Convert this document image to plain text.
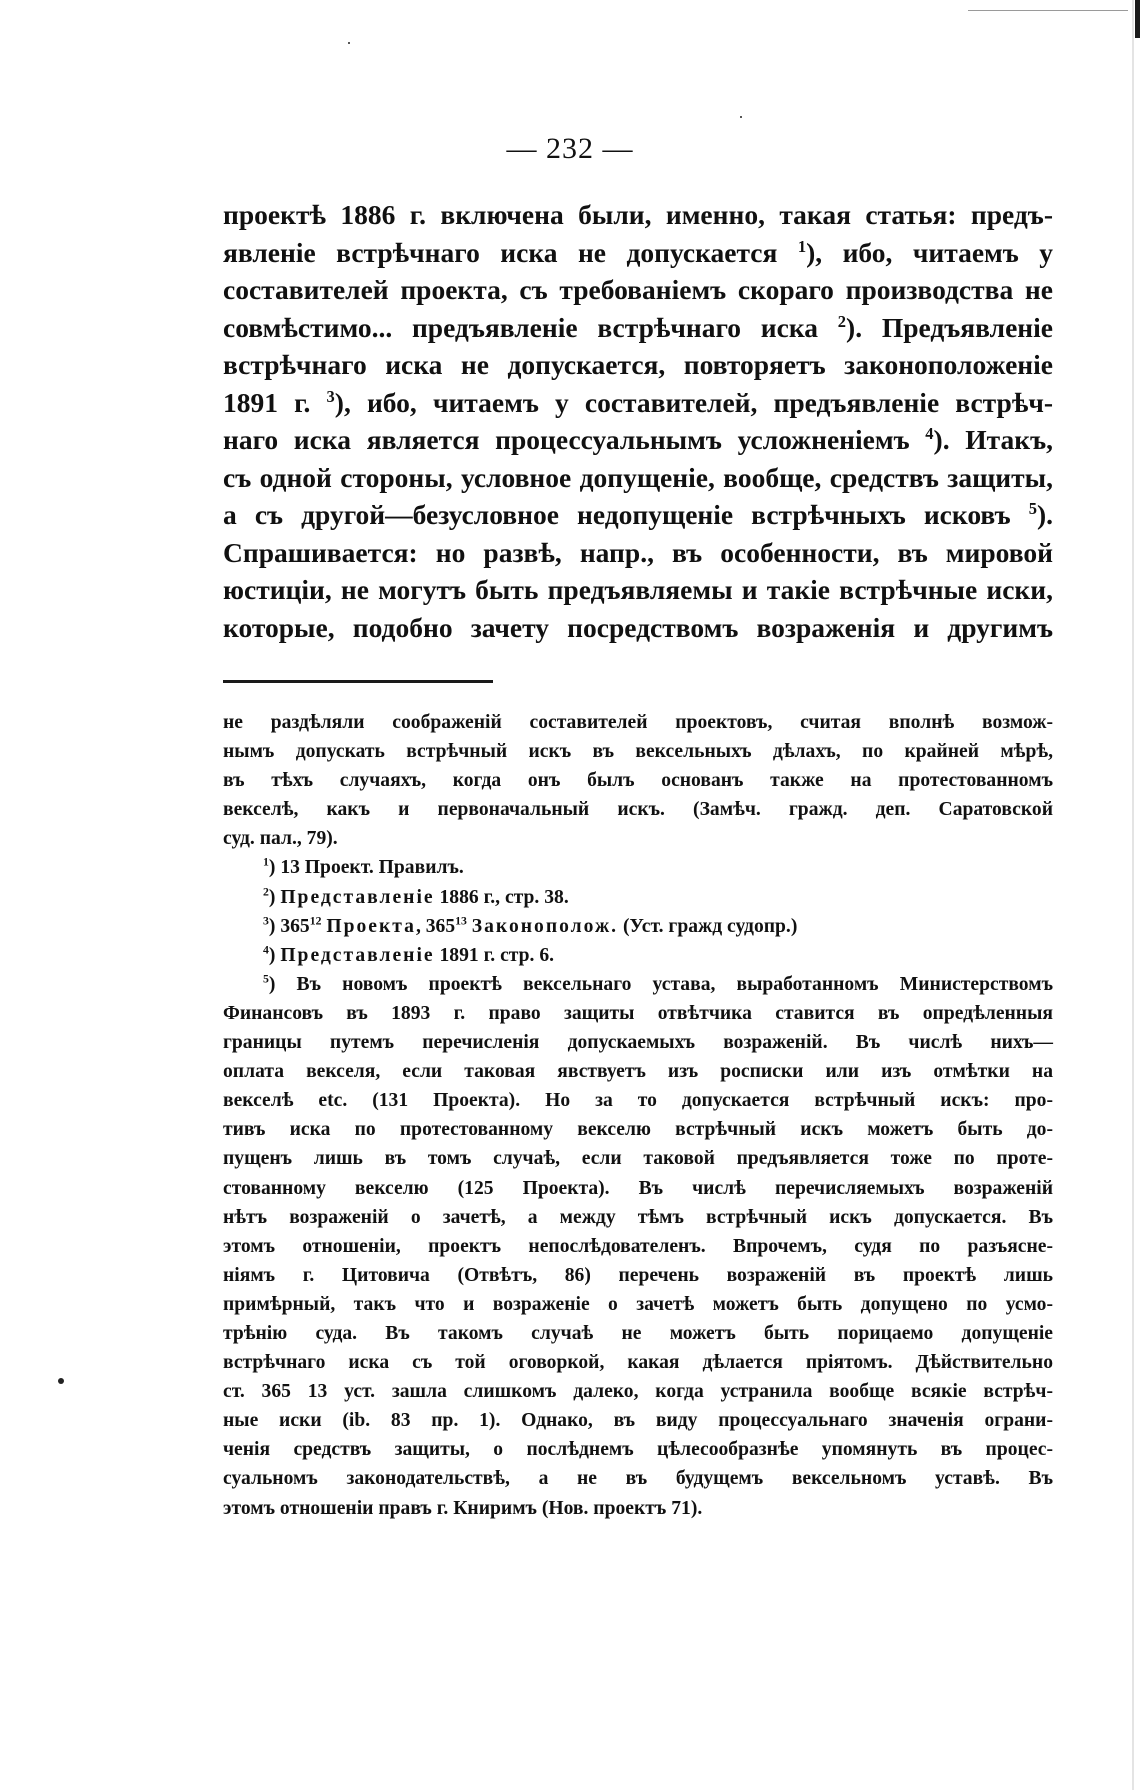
— 232 —
проектѣ 1886 г. включена были, именно, такая статья: предъ-
явленіе встрѣчнаго иска не допускается $^1$), ибо, читаемъ у
составителей проекта, съ требованіемъ скораго производства не
совмѣстимо... предъявленіе встрѣчнаго иска $^2$). Предъявленіе
встрѣчнаго иска не допускается, повторяетъ законоположеніе
1891 г. $^3$), ибо, читаемъ у составителей, предъявленіе встрѣч-
наго иска является процессуальнымъ усложненіемъ $^4$). Итакъ,
съ одной стороны, условное допущеніе, вообще, средствъ защиты,
а съ другой—безусловное недопущеніе встрѣчныхъ исковъ $^5$).
Спрашивается: но развѣ, напр., въ особенности, въ мировой
юстиціи, не могутъ быть предъявляемы и такіе встрѣчные иски,
которые, подобно зачету посредствомъ возраженія и другимъ
не раздѣляли соображеній составителей проектовъ, считая вполнѣ возмож-
нымъ допускать встрѣчный искъ въ вексельныхъ дѣлахъ, по крайней мѣрѣ,
въ тѣхъ случаяхъ, когда онъ былъ основанъ также на протестованномъ
векселѣ, какъ и первоначальный искъ. (Замѣч. гражд. деп. Саратовской
суд. пал., 79).
$^1$) 13 Проект. Правилъ.
$^2$) Представленіе 1886 г., стр. 38.
$^3$) $365^{12}$ Проекта, $365^{13}$ Законополож. (Уст. гражд судопр.)
$^4$) Представленіе 1891 г. стр. 6.
$^5$) Въ новомъ проектѣ вексельнаго устава, выработанномъ Министерствомъ
Финансовъ въ 1893 г. право защиты отвѣтчика ставится въ опредѣленныя
границы путемъ перечисленія допускаемыхъ возраженій. Въ числѣ нихъ—
оплата векселя, если таковая явствуетъ изъ росписки или изъ отмѣтки на
векселѣ etc. (131 Проекта). Но за то допускается встрѣчный искъ: про-
тивъ иска по протестованному векселю встрѣчный искъ можетъ быть до-
пущенъ лишь въ томъ случаѣ, если таковой предъявляется тоже по проте-
стованному векселю (125 Проекта). Въ числѣ перечисляемыхъ возраженій
нѣтъ возраженій о зачетѣ, а между тѣмъ встрѣчный искъ допускается. Въ
этомъ отношеніи, проектъ непослѣдователенъ. Впрочемъ, судя по разъясне-
ніямъ г. Цитовича (Отвѣтъ, 86) перечень возраженій въ проектѣ лишь
примѣрный, такъ что и возраженіе о зачетѣ можетъ быть допущено по усмо-
трѣнію суда. Въ такомъ случаѣ не можетъ быть порицаемо допущеніе
встрѣчнаго иска съ той оговоркой, какая дѣлается пріятомъ. Дѣйствительно
ст. 365 13 уст. зашла слишкомъ далеко, когда устранила вообще всякіе встрѣч-
ные иски (ib. 83 пр. 1). Однако, въ виду процессуальнаго значенія ограни-
ченія средствъ защиты, о послѣднемъ цѣлесообразнѣе упомянуть въ процес-
суальномъ законодательствѣ, а не въ будущемъ вексельномъ уставѣ. Въ
этомъ отношеніи правъ г. Книримъ (Нов. проектъ 71).
